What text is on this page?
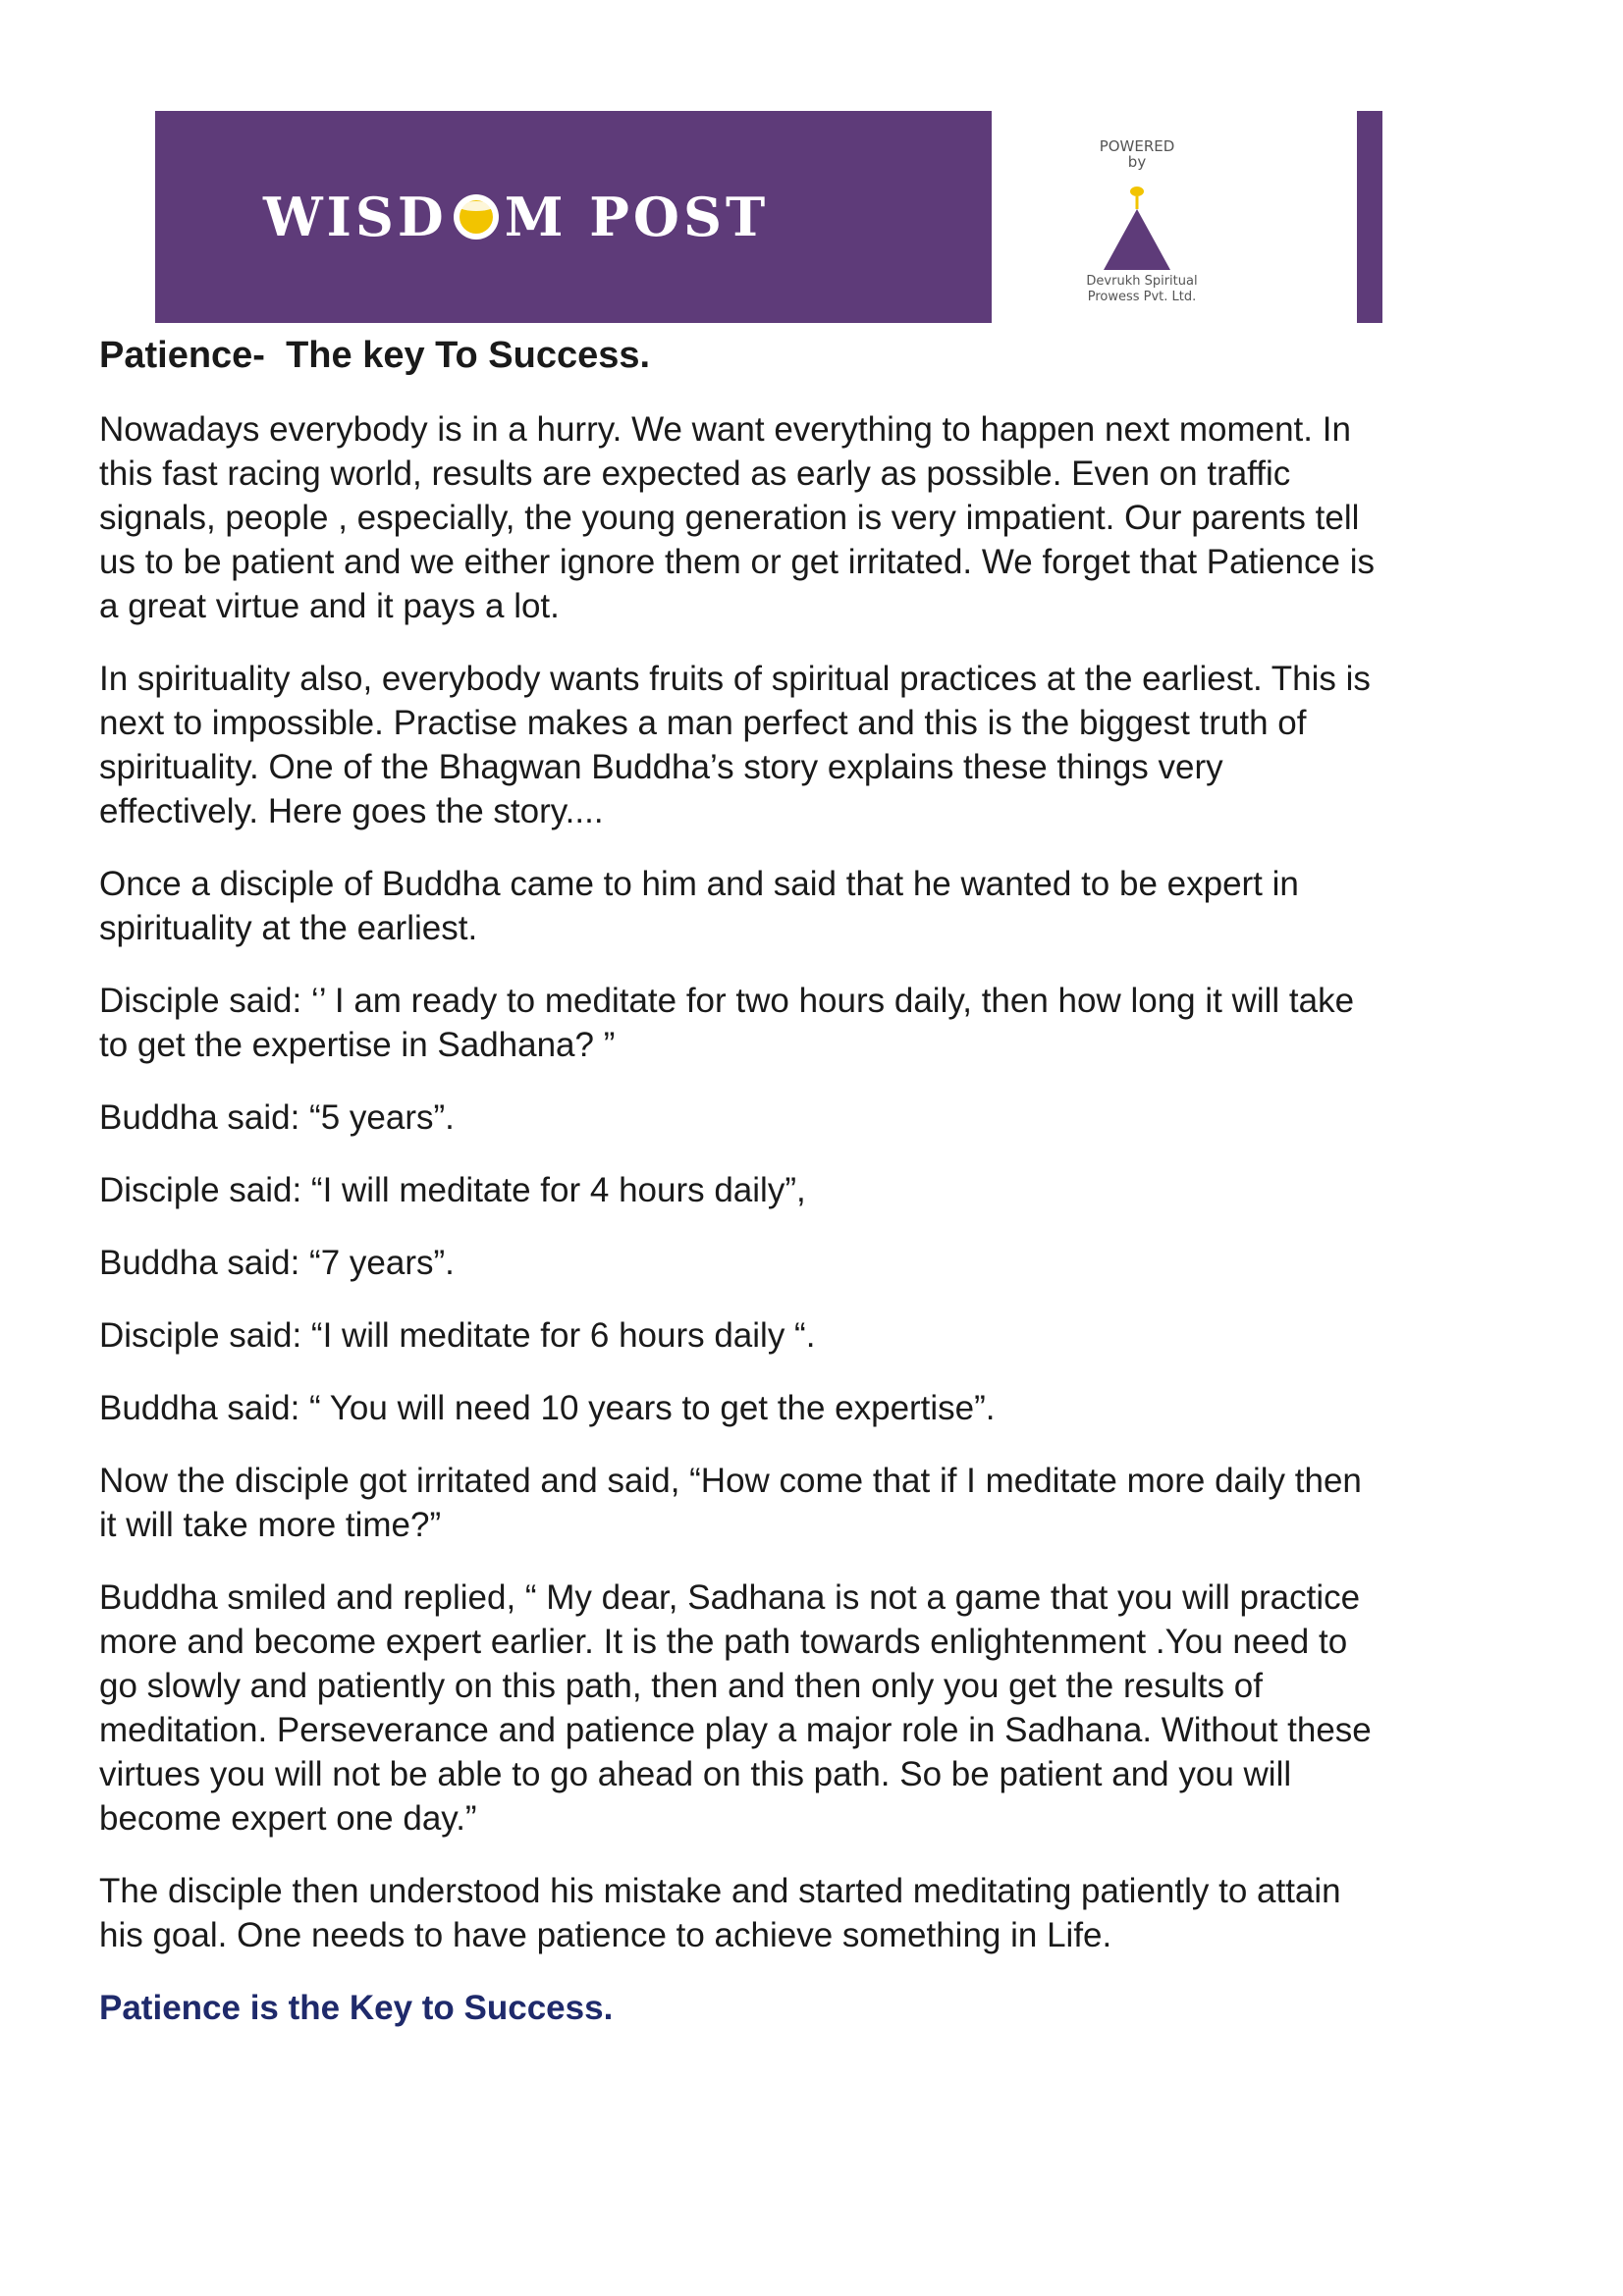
WISD M POST
POWERED
by
Devrukh Spiritual
Prowess Pvt. Ltd.
Patience-  The key To Success.

Nowadays everybody is in a hurry. We want everything to happen next moment. In
this fast racing world, results are expected as early as possible. Even on traffic
signals, people , especially, the young generation is very impatient. Our parents tell
us to be patient and we either ignore them or get irritated. We forget that Patience is
a great virtue and it pays a lot.

In spirituality also, everybody wants fruits of spiritual practices at the earliest. This is
next to impossible. Practise makes a man perfect and this is the biggest truth of
spirituality. One of the Bhagwan Buddha’s story explains these things very
effectively. Here goes the story....

Once a disciple of Buddha came to him and said that he wanted to be expert in
spirituality at the earliest.

Disciple said: ‘’ I am ready to meditate for two hours daily, then how long it will take
to get the expertise in Sadhana? ”

Buddha said: “5 years”.

Disciple said: “I will meditate for 4 hours daily”,

Buddha said: “7 years”.

Disciple said: “I will meditate for 6 hours daily “.

Buddha said: “ You will need 10 years to get the expertise”.

Now the disciple got irritated and said, “How come that if I meditate more daily then
it will take more time?”

Buddha smiled and replied, “ My dear, Sadhana is not a game that you will practice
more and become expert earlier. It is the path towards enlightenment .You need to
go slowly and patiently on this path, then and then only you get the results of
meditation. Perseverance and patience play a major role in Sadhana. Without these
virtues you will not be able to go ahead on this path. So be patient and you will
become expert one day.”

The disciple then understood his mistake and started meditating patiently to attain
his goal. One needs to have patience to achieve something in Life.

Patience is the Key to Success.
